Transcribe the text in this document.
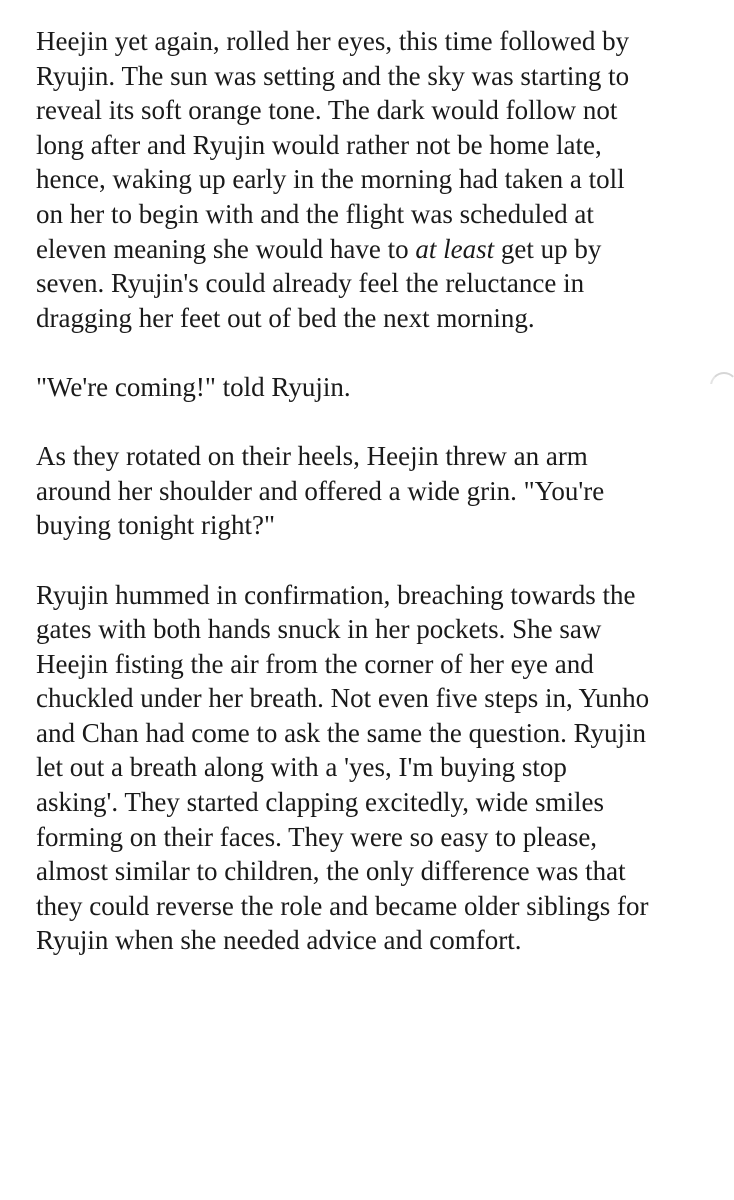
Heejin yet again, rolled her eyes, this time followed by
Ryujin. The sun was setting and the sky was starting to
reveal its soft orange tone. The dark would follow not
long after and Ryujin would rather not be home late,
hence, waking up early in the morning had taken a toll
on her to begin with and the flight was scheduled at
eleven meaning she would have to at least get up by
seven. Ryujin's could already feel the reluctance in
dragging her feet out of bed the next morning.

"We're coming!" told Ryujin.

As they rotated on their heels, Heejin threw an arm
around her shoulder and offered a wide grin. "You're
buying tonight right?"

Ryujin hummed in confirmation, breaching towards the
gates with both hands snuck in her pockets. She saw
Heejin fisting the air from the corner of her eye and
chuckled under her breath. Not even five steps in, Yunho
and Chan had come to ask the same the question. Ryujin
let out a breath along with a 'yes, I'm buying stop
asking'. They started clapping excitedly, wide smiles
forming on their faces. They were so easy to please,
almost similar to children, the only difference was that
they could reverse the role and became older siblings for
Ryujin when she needed advice and comfort.
